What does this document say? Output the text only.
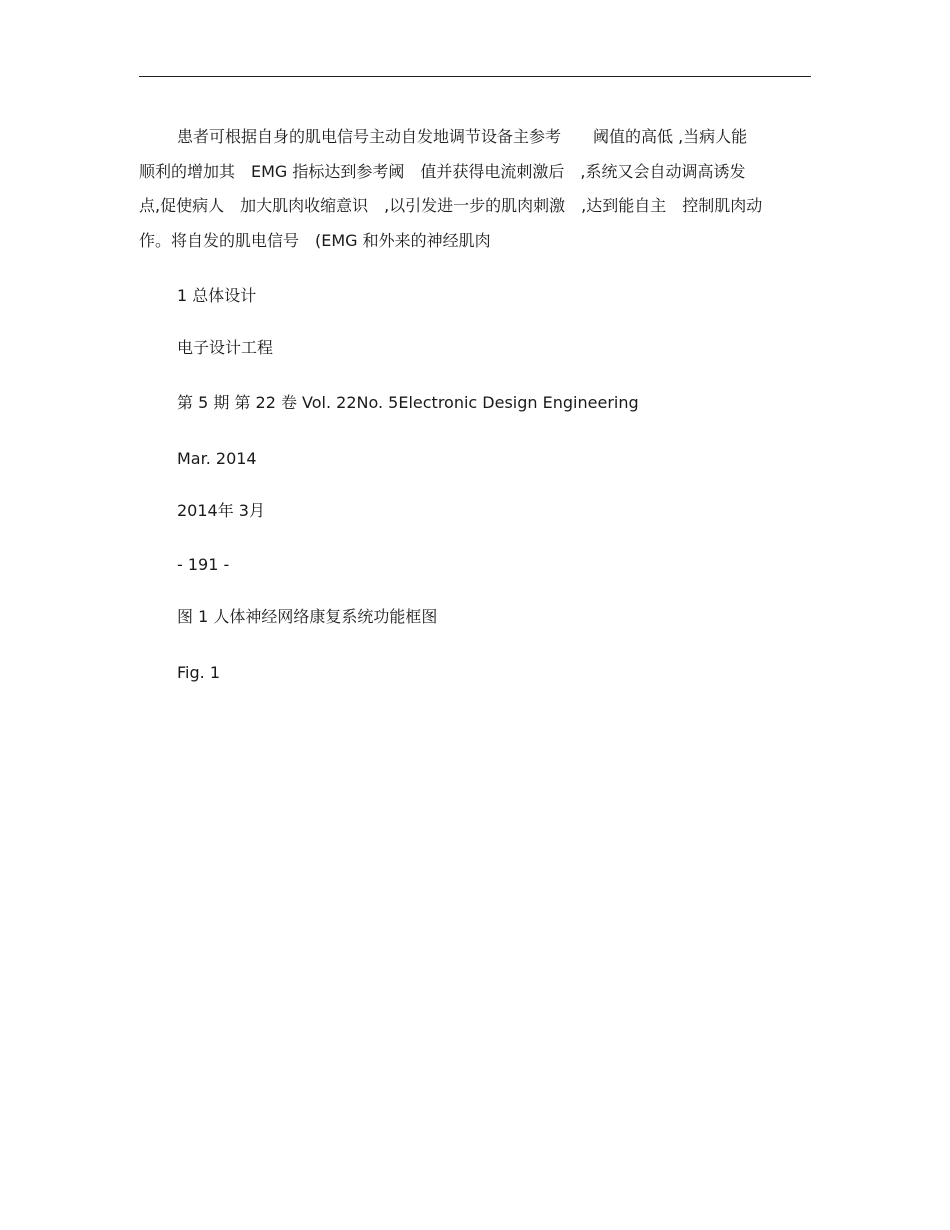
患者可根据自身的肌电信号主动自发地调节设备主参考　　阈值的高低 ,当病人能
顺利的增加其　EMG 指标达到参考阈　值并获得电流刺激后　,系统又会自动调高诱发
点,促使病人　加大肌肉收缩意识　,以引发进一步的肌肉刺激　,达到能自主　控制肌肉动
作。将自发的肌电信号　(EMG 和外来的神经肌肉
1 总体设计
电子设计工程
第 5 期 第 22 卷 Vol. 22No. 5Electronic Design Engineering
Mar. 2014
2014年 3月
- 191 -
图 1 人体神经网络康复系统功能框图
Fig. 1
